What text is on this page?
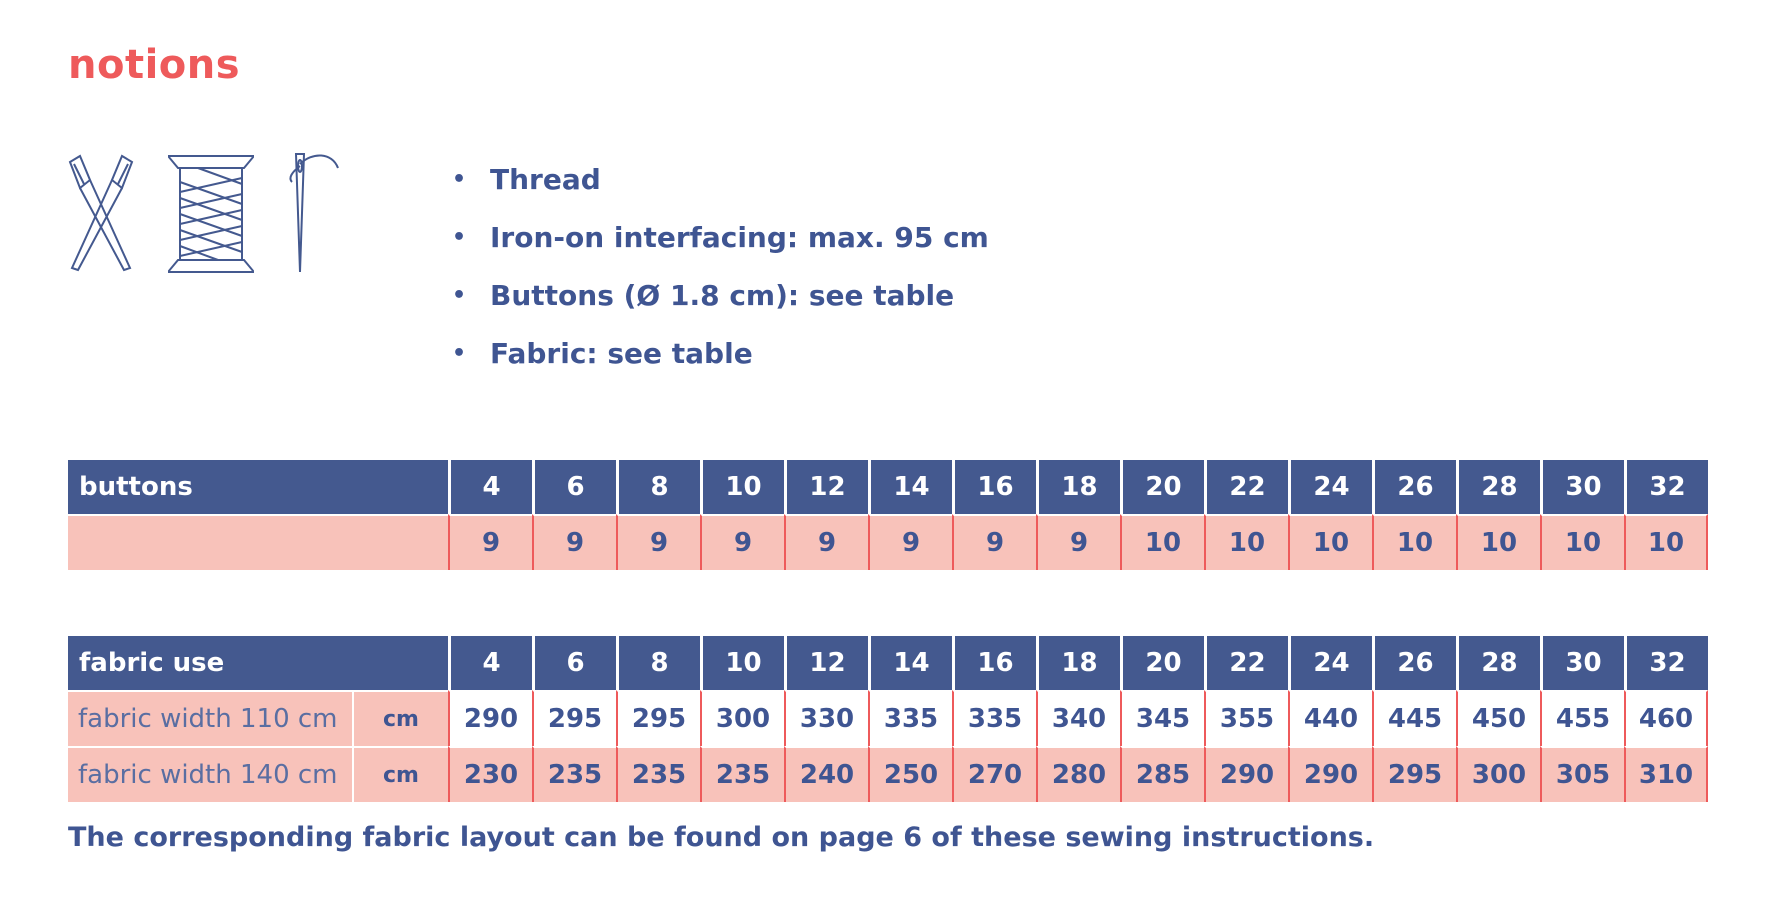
notions
• Thread
• Iron-on interfacing: max. 95 cm
• Buttons (Ø 1.8 cm): see table
• Fabric: see table
buttons	4	6	8	10	12	14	16	18	20	22	24	26	28	30	32
	9	9	9	9	9	9	9	9	10	10	10	10	10	10	10
fabric use		4	6	8	10	12	14	16	18	20	22	24	26	28	30	32
fabric width 110 cm	cm	290	295	295	300	330	335	335	340	345	355	440	445	450	455	460
fabric width 140 cm	cm	230	235	235	235	240	250	270	280	285	290	290	295	300	305	310
The corresponding fabric layout can be found on page 6 of these sewing instructions.
